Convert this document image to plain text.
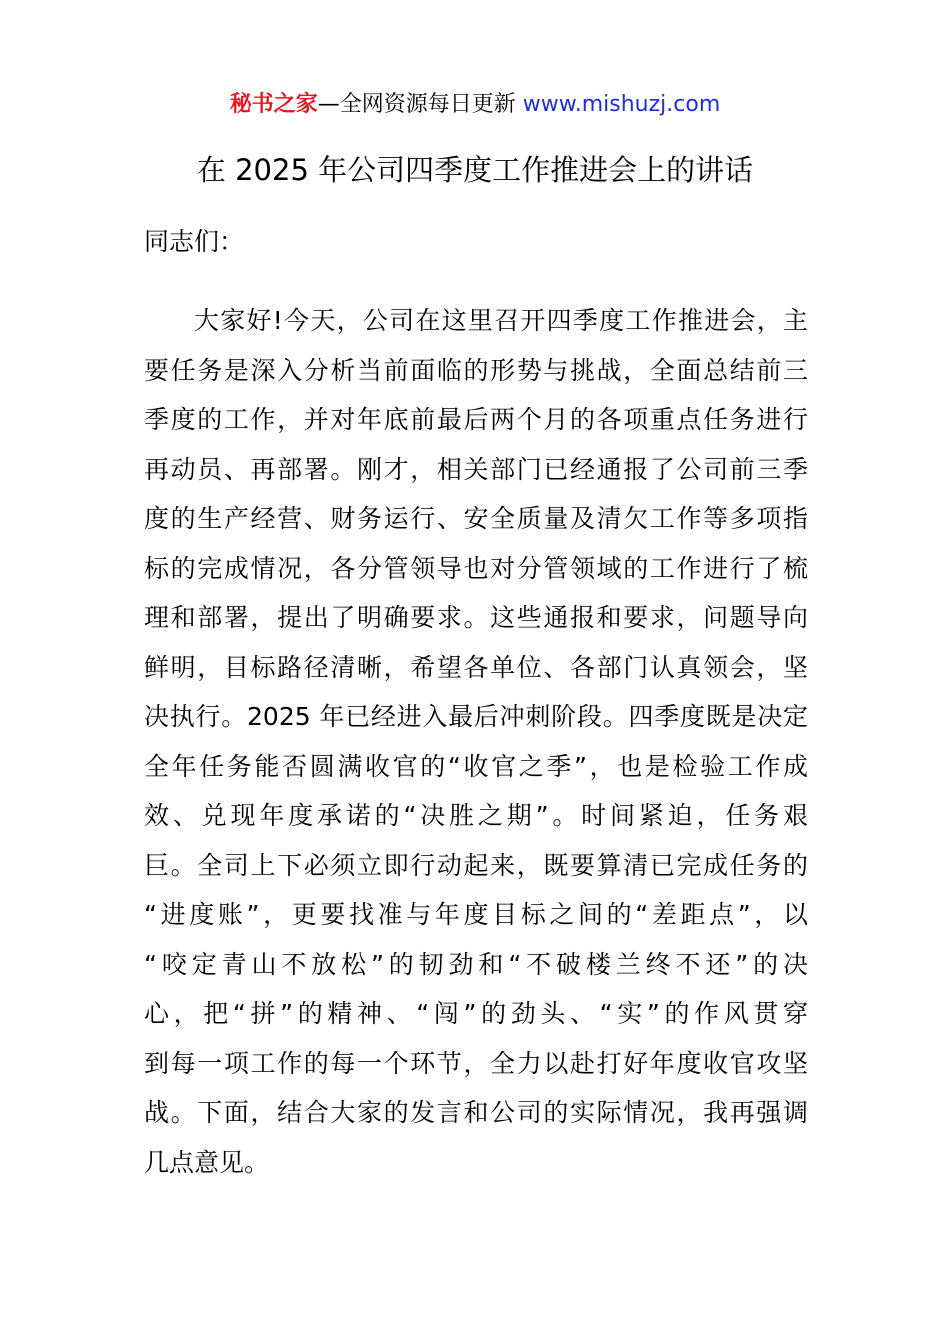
秘书之家—全网资源每日更新 www.mishuzj.com
在 2025 年公司四季度工作推进会上的讲话
同志们：
大家好!今天，公司在这里召开四季度工作推进会，主
要任务是深入分析当前面临的形势与挑战，全面总结前三
季度的工作，并对年底前最后两个月的各项重点任务进行
再动员、再部署。刚才，相关部门已经通报了公司前三季
度的生产经营、财务运行、安全质量及清欠工作等多项指
标的完成情况，各分管领导也对分管领域的工作进行了梳
理和部署，提出了明确要求。这些通报和要求，问题导向
鲜明，目标路径清晰，希望各单位、各部门认真领会，坚
决执行。2025 年已经进入最后冲刺阶段。四季度既是决定
全年任务能否圆满收官的“收官之季”，也是检验工作成
效、兑现年度承诺的“决胜之期”。时间紧迫，任务艰
巨。全司上下必须立即行动起来，既要算清已完成任务的
“进度账”，更要找准与年度目标之间的“差距点”，以
“咬定青山不放松”的韧劲和“不破楼兰终不还”的决
心，把“拼”的精神、“闯”的劲头、“实”的作风贯穿
到每一项工作的每一个环节，全力以赴打好年度收官攻坚
战。下面，结合大家的发言和公司的实际情况，我再强调
几点意见。
